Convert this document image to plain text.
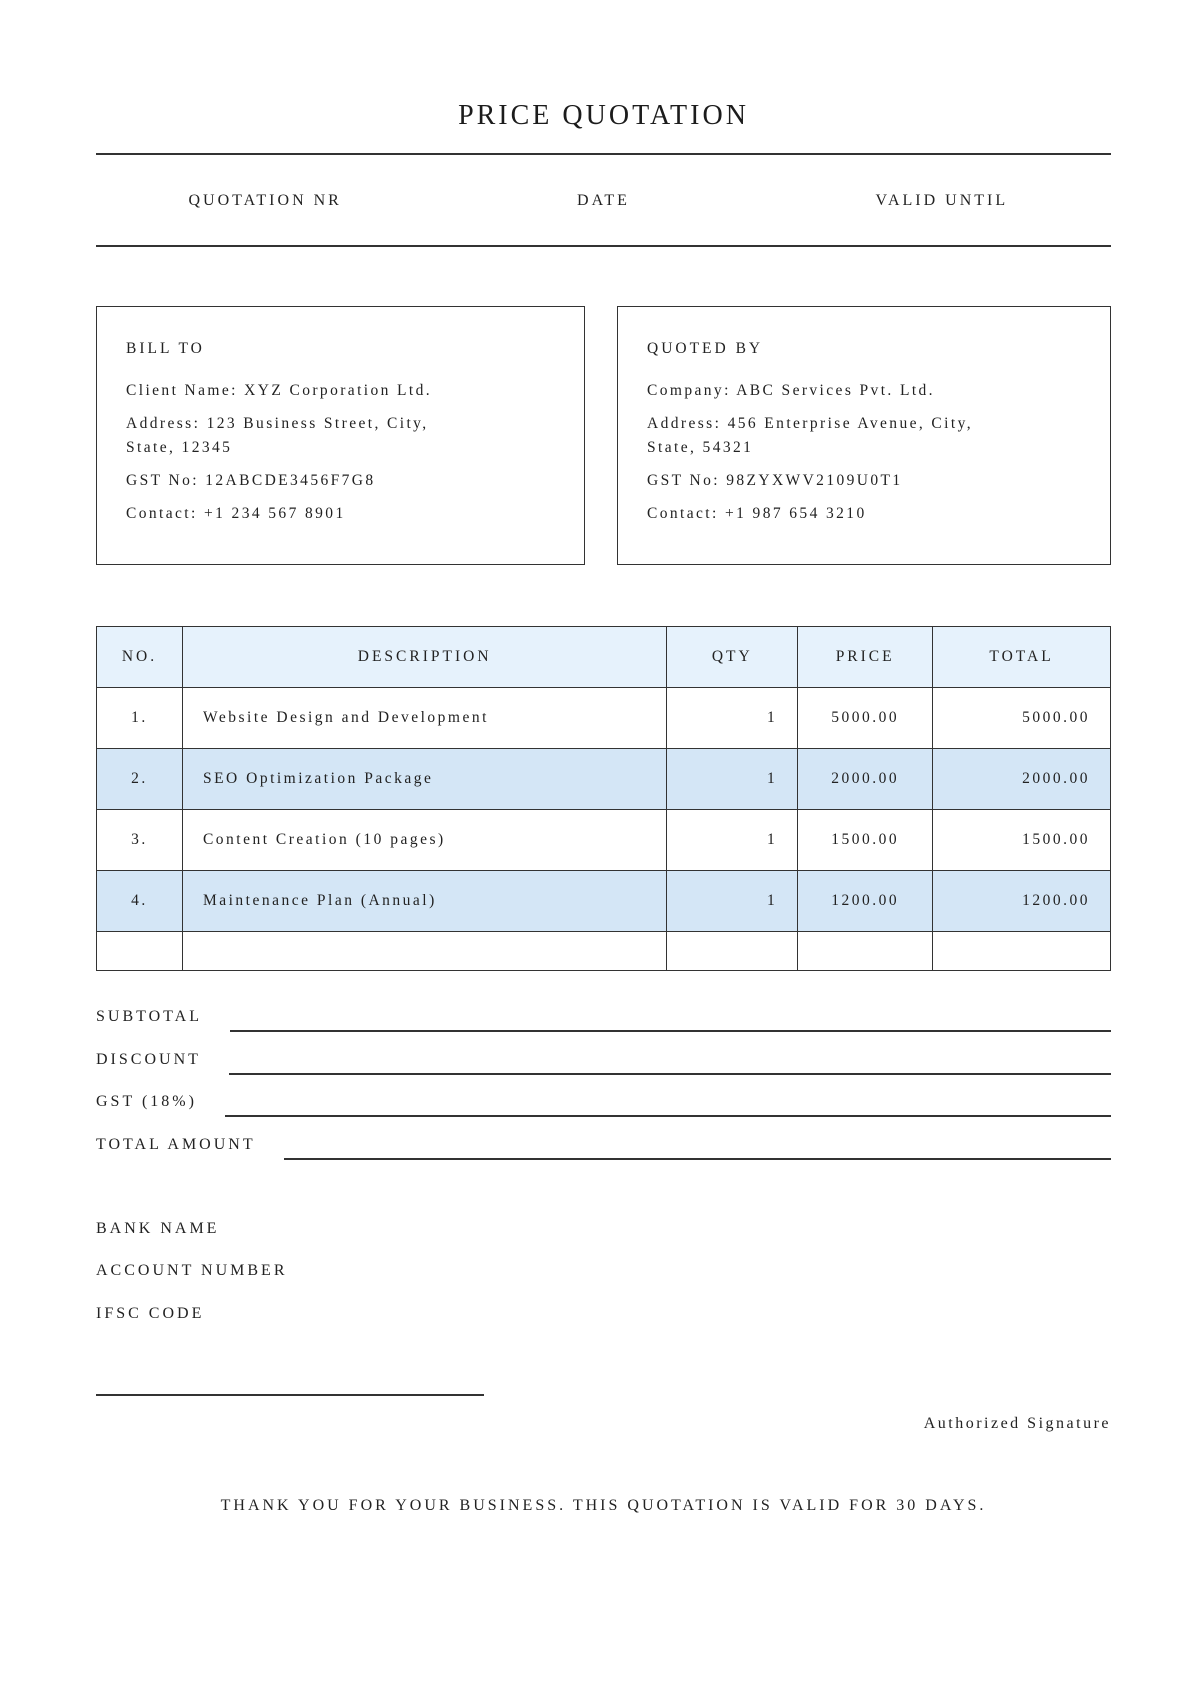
PRICE QUOTATION
QUOTATION NR	DATE	VALID UNTIL
BILL TO
Client Name: XYZ Corporation Ltd.
Address: 123 Business Street, City,
State, 12345
GST No: 12ABCDE3456F7G8
Contact: +1 234 567 8901
QUOTED BY
Company: ABC Services Pvt. Ltd.
Address: 456 Enterprise Avenue, City,
State, 54321
GST No: 98ZYXWV2109U0T1
Contact: +1 987 654 3210
NO.	DESCRIPTION	QTY	PRICE	TOTAL
1.	Website Design and Development	1	5000.00	5000.00
2.	SEO Optimization Package	1	2000.00	2000.00
3.	Content Creation (10 pages)	1	1500.00	1500.00
4.	Maintenance Plan (Annual)	1	1200.00	1200.00

SUBTOTAL
DISCOUNT
GST (18%)
TOTAL AMOUNT
BANK NAME
ACCOUNT NUMBER
IFSC CODE
Authorized Signature
THANK YOU FOR YOUR BUSINESS. THIS QUOTATION IS VALID FOR 30 DAYS.
